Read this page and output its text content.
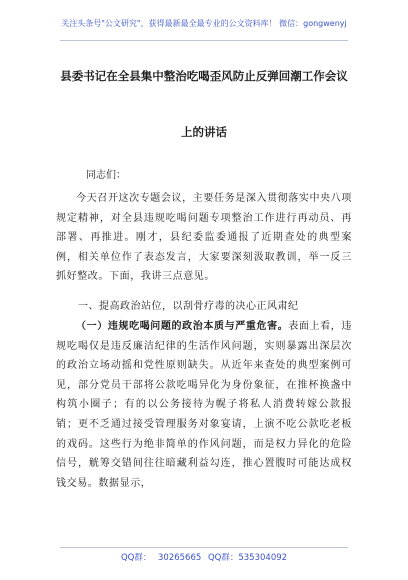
关注头条号"公文研究"，获得最新最全最专业的公文资料库！ 微信：gongwenyj
县委书记在全县集中整治吃喝歪风防止反弹回潮工作会议
上的讲话
同志们：

今天召开这次专题会议，主要任务是深入贯彻落实中央八项规定精神，对全县违规吃喝问题专项整治工作进行再动员、再部署、再推进。刚才，县纪委监委通报了近期查处的典型案例，相关单位作了表态发言，大家要深刻汲取教训，举一反三抓好整改。下面，我讲三点意见。

一、提高政治站位，以刮骨疗毒的决心正风肃纪

（一）违规吃喝问题的政治本质与严重危害。表面上看，违规吃喝仅是违反廉洁纪律的生活作风问题，实则暴露出深层次的政治立场动摇和党性原则缺失。从近年来查处的典型案例可见，部分党员干部将公款吃喝异化为身份象征，在推杯换盏中构筑小圈子；有的以公务接待为幌子将私人消费转嫁公款报销；更不乏通过接受管理服务对象宴请，上演不吃公款吃老板的戏码。这些行为绝非简单的作风问题，而是权力异化的危险信号，觥筹交错间往往暗藏利益勾连，推心置腹时可能达成权钱交易。数据显示，

QQ群： 30265665 QQ群：535304092
